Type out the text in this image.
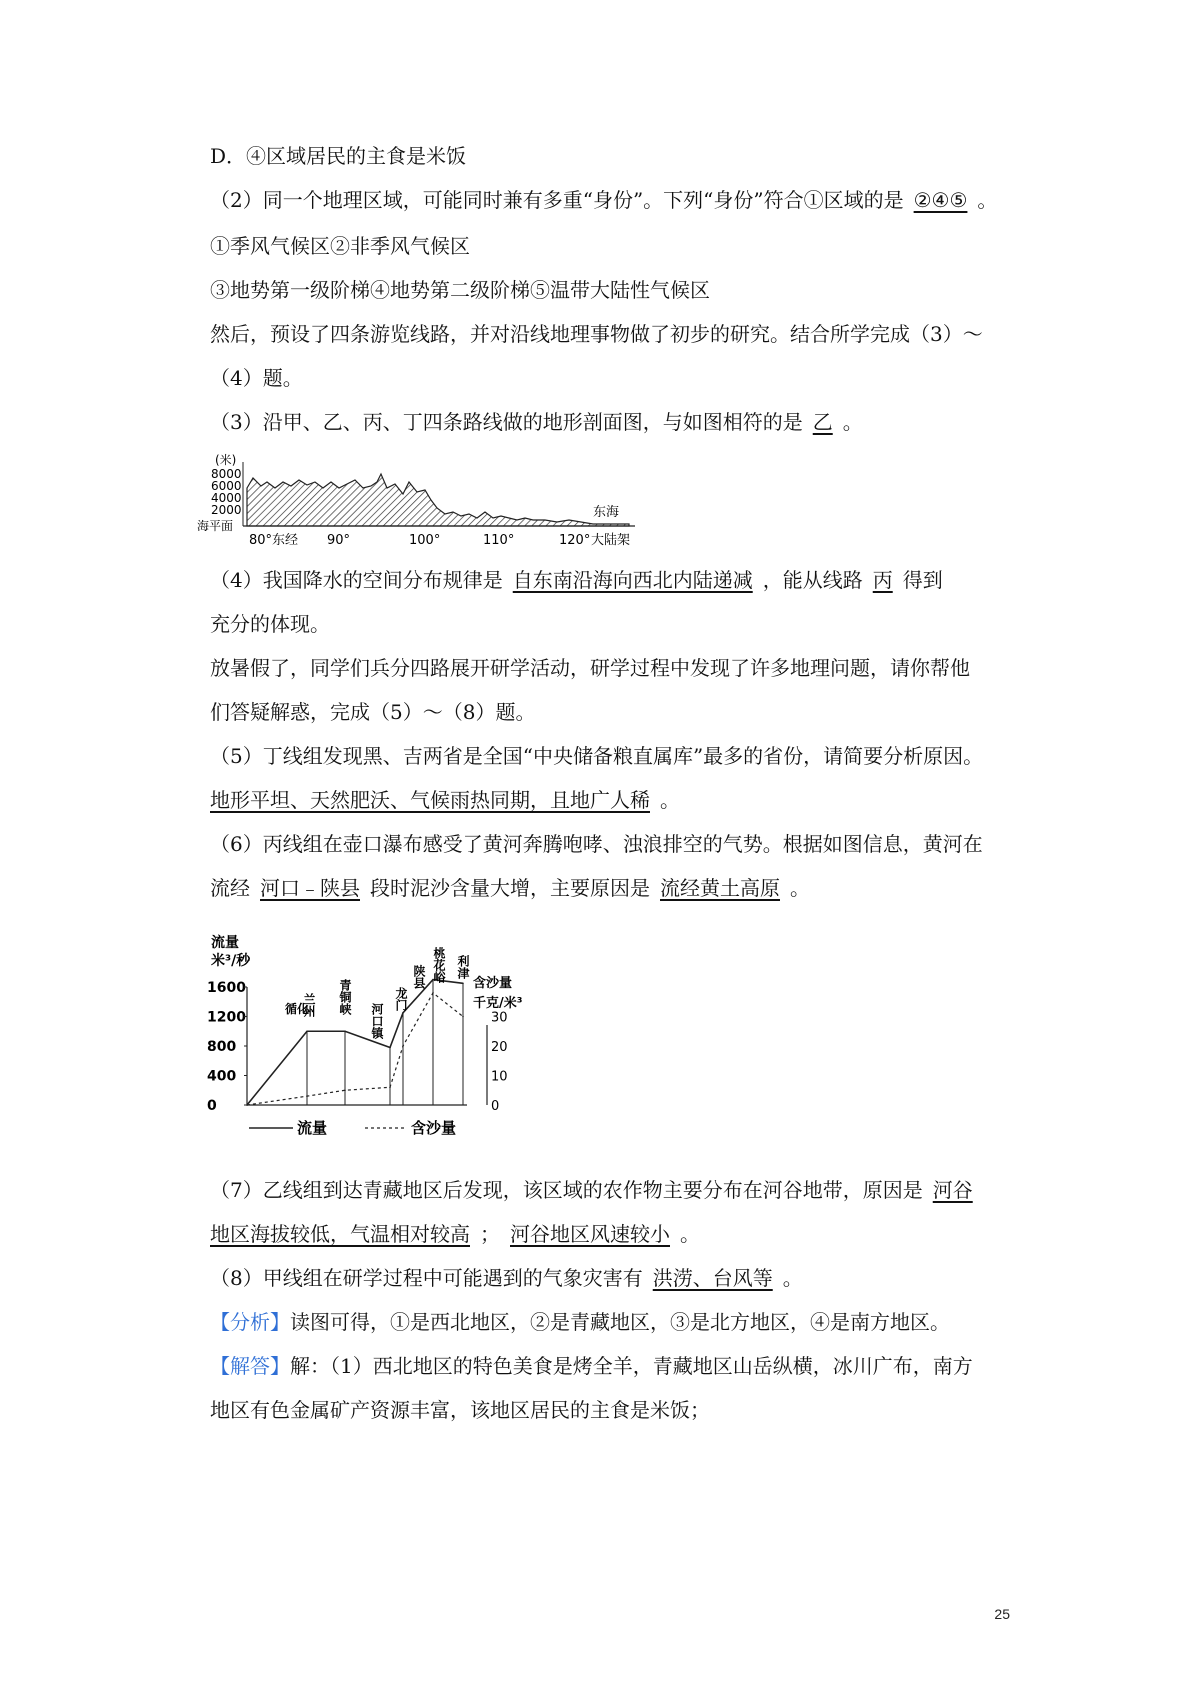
D．④区域居民的主食是米饭
（2）同一个地理区域，可能同时兼有多重“身份”。下列“身份”符合①区域的是 ②④⑤ 。
①季风气候区②非季风气候区
③地势第一级阶梯④地势第二级阶梯⑤温带大陆性气候区
然后，预设了四条游览线路，并对沿线地理事物做了初步的研究。结合所学完成（3）～
（4）题。
（3）沿甲、乙、丙、丁四条路线做的地形剖面图，与如图相符的是 乙 。
(米)
8000
6000
4000
2000
海平面
80°东经 90°	100°	110°	120°
东海
大陆架
（4）我国降水的空间分布规律是 自东南沿海向西北内陆递减 ，能从线路 丙 得到
充分的体现。
放暑假了，同学们兵分四路展开研学活动，研学过程中发现了许多地理问题，请你帮他
们答疑解惑，完成（5）～（8）题。
（5）丁线组发现黑、吉两省是全国“中央储备粮直属库”最多的省份，请简要分析原因。
地形平坦、天然肥沃、气候雨热同期，且地广人稀 。
（6）丙线组在壶口瀑布感受了黄河奔腾咆哮、浊浪排空的气势。根据如图信息，黄河在
流经 河口﹣陕县 段时泥沙含量大增，主要原因是 流经黄土高原 。
流量米³/秒
含沙量千克/米³
1600
1200
800
400
0
30
20
10
0
兰州 青铜峡
河口镇
龙门
陕县 桃花峪 利津
循化
流量	含沙量
（7）乙线组到达青藏地区后发现，该区域的农作物主要分布在河谷地带，原因是 河谷
地区海拔较低，气温相对较高 ； 河谷地区风速较小 。
（8）甲线组在研学过程中可能遇到的气象灾害有 洪涝、台风等 。
【分析】读图可得，①是西北地区，②是青藏地区，③是北方地区，④是南方地区。
【解答】解：（1）西北地区的特色美食是烤全羊，青藏地区山岳纵横，冰川广布，南方
地区有色金属矿产资源丰富，该地区居民的主食是米饭；
25
